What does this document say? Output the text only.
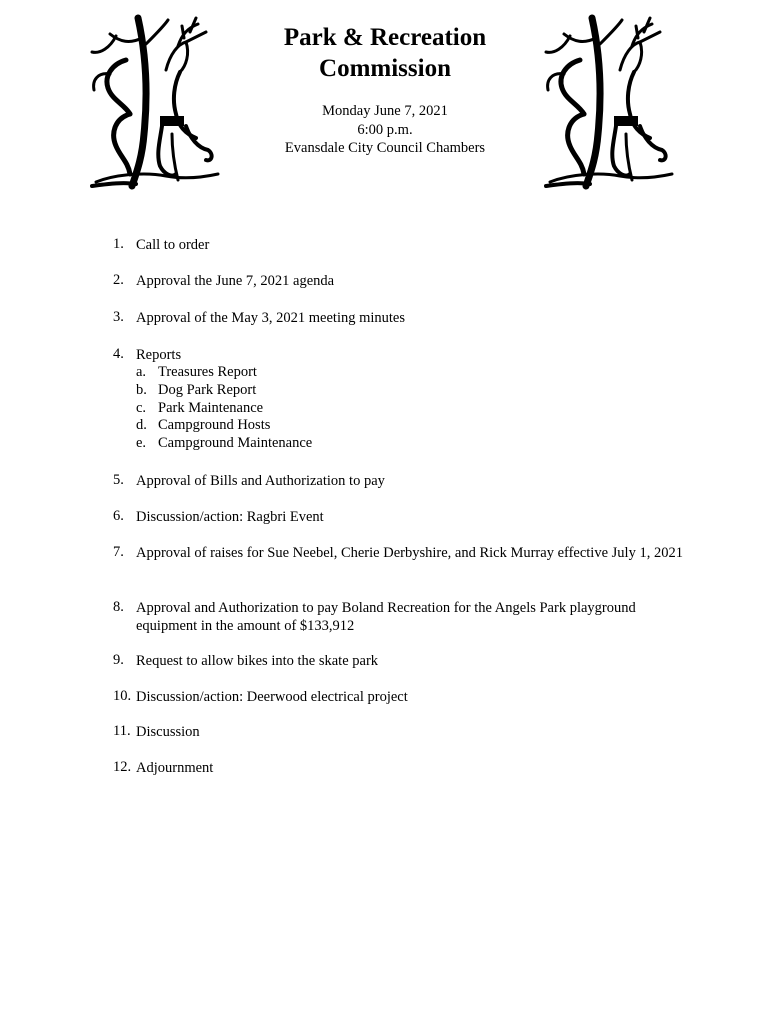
Park & Recreation
Commission
Monday June 7, 2021
6:00 p.m.
Evansdale City Council Chambers
1. Call to order
2. Approval the June 7, 2021 agenda
3. Approval of the May 3, 2021 meeting minutes
4. Reports
a. Treasures Report
b. Dog Park Report
c. Park Maintenance
d. Campground Hosts
e. Campground Maintenance
5. Approval of Bills and Authorization to pay
6. Discussion/action: Ragbri Event
7. Approval of raises for Sue Neebel, Cherie Derbyshire, and Rick Murray effective July 1, 2021
8. Approval and Authorization to pay Boland Recreation for the Angels Park playground equipment in the amount of $133,912
9. Request to allow bikes into the skate park
10. Discussion/action: Deerwood electrical project
11. Discussion
12. Adjournment
